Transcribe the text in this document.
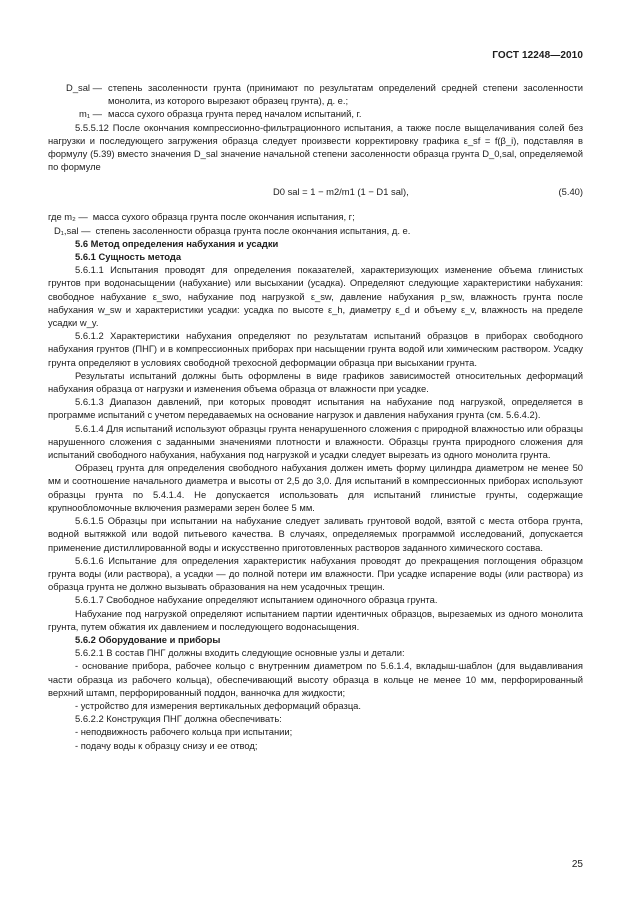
ГОСТ 12248—2010
D_sal — степень засоленности грунта (принимают по результатам определений средней степени засоленности монолита, из которого вырезают образец грунта), д. е.;
m₁ — масса сухого образца грунта перед началом испытаний, г.

5.5.5.12 После окончания компрессионно-фильтрационного испытания, а также после выщелачивания солей без нагрузки и последующего загружения образца следует произвести корректировку графика ε_sf = f(β_i), подставляя в формулу (5.39) вместо значения D_sal значение начальной степени засоленности образца грунта D_0,sal, определяемой по формуле

D0 sal = 1 − m2/m1 (1 − D1 sal),	(5.40)
где m₂ — масса сухого образца грунта после окончания испытания, г;
D₁,sal — степень засоленности образца грунта после окончания испытания, д. е.

5.6 Метод определения набухания и усадки

5.6.1 Сущность метода

5.6.1.1 Испытания проводят для определения показателей, характеризующих изменение объема глинистых грунтов при водонасыщении (набухание) или высыхании (усадка). Определяют следующие характеристики набухания: свободное набухание ε_swo, набухание под нагрузкой ε_sw, давление набухания p_sw, влажность грунта после набухания w_sw и характеристики усадки: усадка по высоте ε_h, диаметру ε_d и объему ε_v, влажность на пределе усадки w_y.

5.6.1.2 Характеристики набухания определяют по результатам испытаний образцов в приборах свободного набухания грунтов (ПНГ) и в компрессионных приборах при насыщении грунта водой или химическим раствором. Усадку грунта определяют в условиях свободной трехосной деформации образца при высыхании грунта.

Результаты испытаний должны быть оформлены в виде графиков зависимостей относительных деформаций набухания образца от нагрузки и изменения объема образца от влажности при усадке.

5.6.1.3 Диапазон давлений, при которых проводят испытания на набухание под нагрузкой, определяется в программе испытаний с учетом передаваемых на основание нагрузок и давления набухания грунта (см. 5.6.4.2).

5.6.1.4 Для испытаний используют образцы грунта ненарушенного сложения с природной влажностью или образцы нарушенного сложения с заданными значениями плотности и влажности. Образцы грунта природного сложения для испытаний свободного набухания, набухания под нагрузкой и усадки следует вырезать из одного монолита грунта.

Образец грунта для определения свободного набухания должен иметь форму цилиндра диаметром не менее 50 мм и соотношение начального диаметра и высоты от 2,5 до 3,0. Для испытаний в компрессионных приборах используют образцы грунта по 5.4.1.4. Не допускается использовать для испытаний глинистые грунты, содержащие крупнообломочные включения размерами зерен более 5 мм.

5.6.1.5 Образцы при испытании на набухание следует заливать грунтовой водой, взятой с места отбора грунта, водной вытяжкой или водой питьевого качества. В случаях, определяемых программой исследований, допускается применение дистиллированной воды и искусственно приготовленных растворов заданного химического состава.

5.6.1.6 Испытание для определения характеристик набухания проводят до прекращения поглощения образцом грунта воды (или раствора), а усадки — до полной потери им влажности. При усадке испарение воды (или раствора) из образца грунта не должно вызывать образования на нем усадочных трещин.

5.6.1.7 Свободное набухание определяют испытанием одиночного образца грунта.

Набухание под нагрузкой определяют испытанием партии идентичных образцов, вырезаемых из одного монолита грунта, путем обжатия их давлением и последующего водонасыщения.

5.6.2 Оборудование и приборы

5.6.2.1 В состав ПНГ должны входить следующие основные узлы и детали:

- основание прибора, рабочее кольцо с внутренним диаметром по 5.6.1.4, вкладыш-шаблон (для выдавливания части образца из рабочего кольца), обеспечивающий высоту образца в кольце не менее 10 мм, перфорированный верхний штамп, перфорированный поддон, ванночка для жидкости;

- устройство для измерения вертикальных деформаций образца.

5.6.2.2 Конструкция ПНГ должна обеспечивать:

- неподвижность рабочего кольца при испытании;

- подачу воды к образцу снизу и ее отвод;

25
